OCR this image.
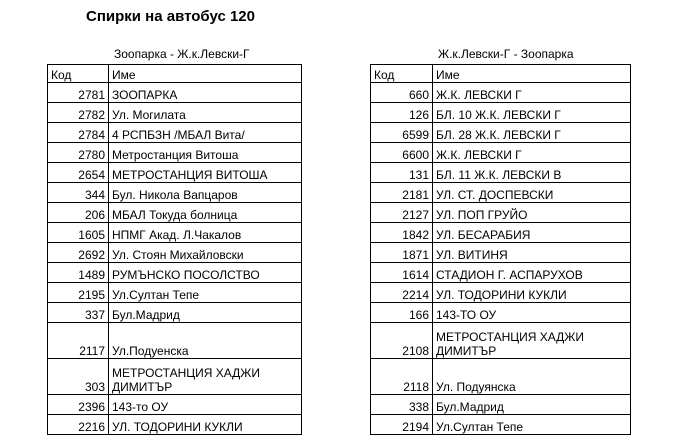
Спирки на автобус 120
Зоопарка - Ж.к.Левски-Г	Ж.к.Левски-Г - Зоопарка
Код	Име
2781	ЗООПАРКА
2782	Ул. Могилата
2784	4 РСПБЗН /МБАЛ Вита/
2780	Метростанция Витоша
2654	МЕТРОСТАНЦИЯ ВИТОША
344	Бул. Никола Вапцаров
206	МБАЛ Токуда болница
1605	НПМГ Акад. Л.Чакалов
2692	Ул. Стоян Михайловски
1489	РУМЪНСКО ПОСОЛСТВО
2195	Ул.Султан Тепе
337	Бул.Мадрид
2117	Ул.Подуенска
303	МЕТРОСТАНЦИЯ ХАДЖИ ДИМИТЪР
2396	143-то ОУ
2216	УЛ. ТОДОРИНИ КУКЛИ
Код	Име
660	Ж.К. ЛЕВСКИ Г
126	БЛ. 10 Ж.К. ЛЕВСКИ Г
6599	БЛ. 28 Ж.К. ЛЕВСКИ Г
6600	Ж.К. ЛЕВСКИ Г
131	БЛ. 11 Ж.К. ЛЕВСКИ В
2181	УЛ. СТ. ДОСПЕВСКИ
2127	УЛ. ПОП ГРУЙО
1842	УЛ. БЕСАРАБИЯ
1871	УЛ. ВИТИНЯ
1614	СТАДИОН Г. АСПАРУХОВ
2214	УЛ. ТОДОРИНИ КУКЛИ
166	143-ТО ОУ
2108	МЕТРОСТАНЦИЯ ХАДЖИ ДИМИТЪР
2118	Ул. Подуянска
338	Бул.Мадрид
2194	Ул.Султан Тепе
